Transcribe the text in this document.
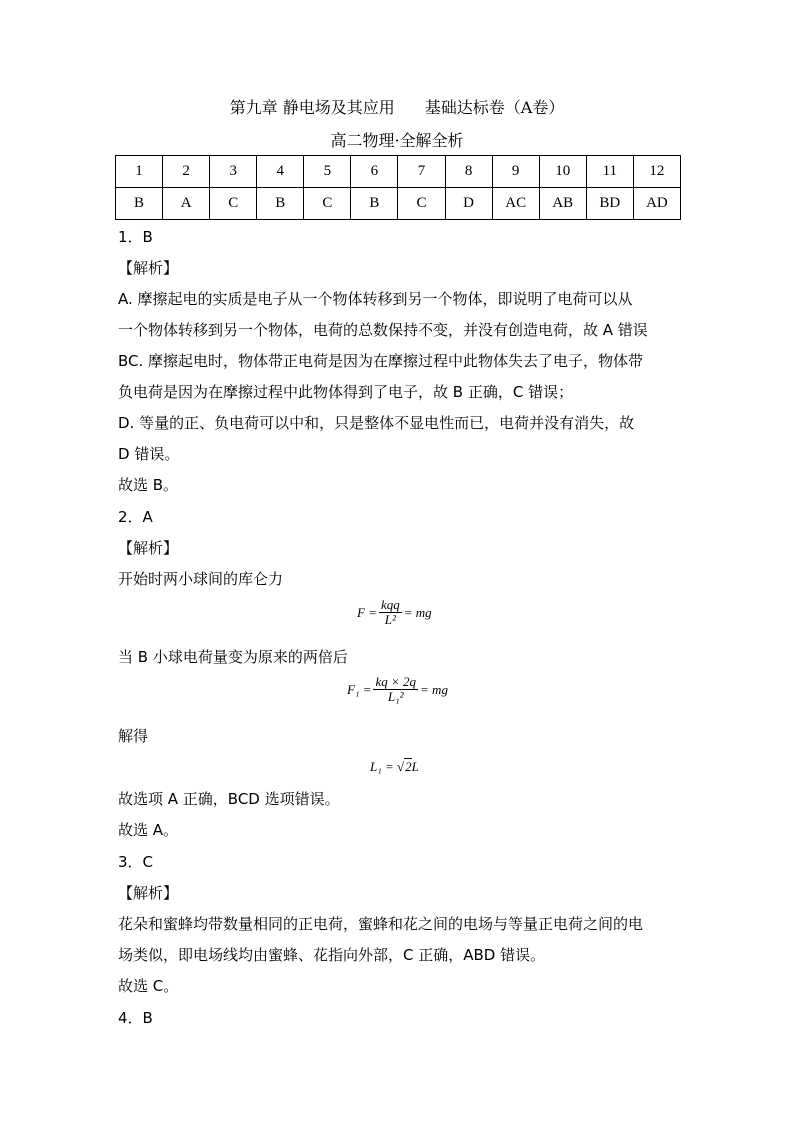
第九章 静电场及其应用 基础达标卷（A卷）
高二物理·全解全析
1	2	3	4	5	6	7	8	9	10	11	12
B	A	C	B	C	B	C	D	AC	AB	BD	AD
1．B
【解析】
A. 摩擦起电的实质是电子从一个物体转移到另一个物体，即说明了电荷可以从
一个物体转移到另一个物体，电荷的总数保持不变，并没有创造电荷，故 A 错误
BC. 摩擦起电时，物体带正电荷是因为在摩擦过程中此物体失去了电子，物体带
负电荷是因为在摩擦过程中此物体得到了电子，故 B 正确，C 错误；
D. 等量的正、负电荷可以中和，只是整体不显电性而已，电荷并没有消失，故
D 错误。
故选 B。
2．A
【解析】
开始时两小球间的库仑力
$F = \frac{\text{kqq}}{\text{L²}}$ = mg
当 B 小球电荷量变为原来的两倍后
$F_1 = \frac{kq \times 2q}{\text{L₁²}}$ = mg
解得
L₁ = √ 2 L
故选项 A 正确，BCD 选项错误。
故选 A。
3．C
【解析】
花朵和蜜蜂均带数量相同的正电荷，蜜蜂和花之间的电场与等量正电荷之间的电
场类似，即电场线均由蜜蜂、花指向外部，C 正确，ABD 错误。
故选 C。
4．B
